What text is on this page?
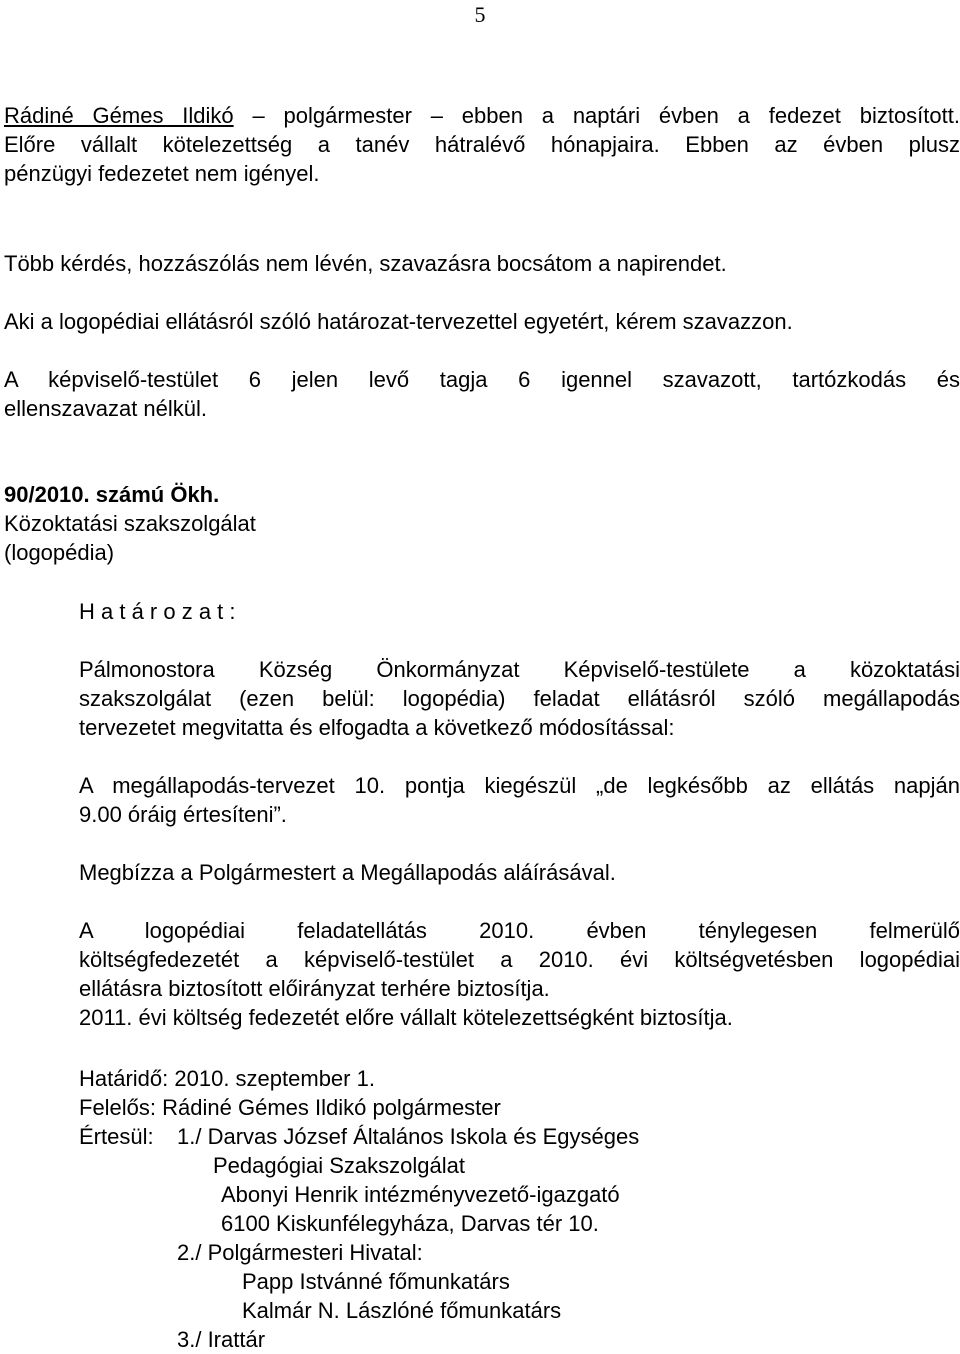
5
Rádiné Gémes Ildikó – polgármester – ebben a naptári évben a fedezet biztosított.
Előre vállalt kötelezettség a tanév hátralévő hónapjaira. Ebben az évben plusz
pénzügyi fedezetet nem igényel.
Több kérdés, hozzászólás nem lévén, szavazásra bocsátom a napirendet.
Aki a logopédiai ellátásról szóló határozat-tervezettel egyetért, kérem szavazzon.
A képviselő-testület 6 jelen levő tagja 6 igennel szavazott, tartózkodás és
ellenszavazat nélkül.
90/2010. számú Ökh.
Közoktatási szakszolgálat
(logopédia)
H a t á r o z a t :
Pálmonostora Község Önkormányzat Képviselő-testülete a közoktatási
szakszolgálat (ezen belül: logopédia) feladat ellátásról szóló megállapodás
tervezetet megvitatta és elfogadta a következő módosítással:
A megállapodás-tervezet 10. pontja kiegészül „de legkésőbb az ellátás napján
9.00 óráig értesíteni”.
Megbízza a Polgármestert a Megállapodás aláírásával.
A logopédiai feladatellátás 2010. évben ténylegesen felmerülő
költségfedezetét a képviselő-testület a 2010. évi költségvetésben logopédiai
ellátásra biztosított előirányzat terhére biztosítja.
2011. évi költség fedezetét előre vállalt kötelezettségként biztosítja.
Határidő: 2010. szeptember 1.
Felelős: Rádiné Gémes Ildikó polgármester
Értesül: 1./ Darvas József Általános Iskola és Egységes
Pedagógiai Szakszolgálat
Abonyi Henrik intézményvezető-igazgató
6100 Kiskunfélegyháza, Darvas tér 10.
2./ Polgármesteri Hivatal:
Papp Istvánné főmunkatárs
Kalmár N. Lászlóné főmunkatárs
3./ Irattár
